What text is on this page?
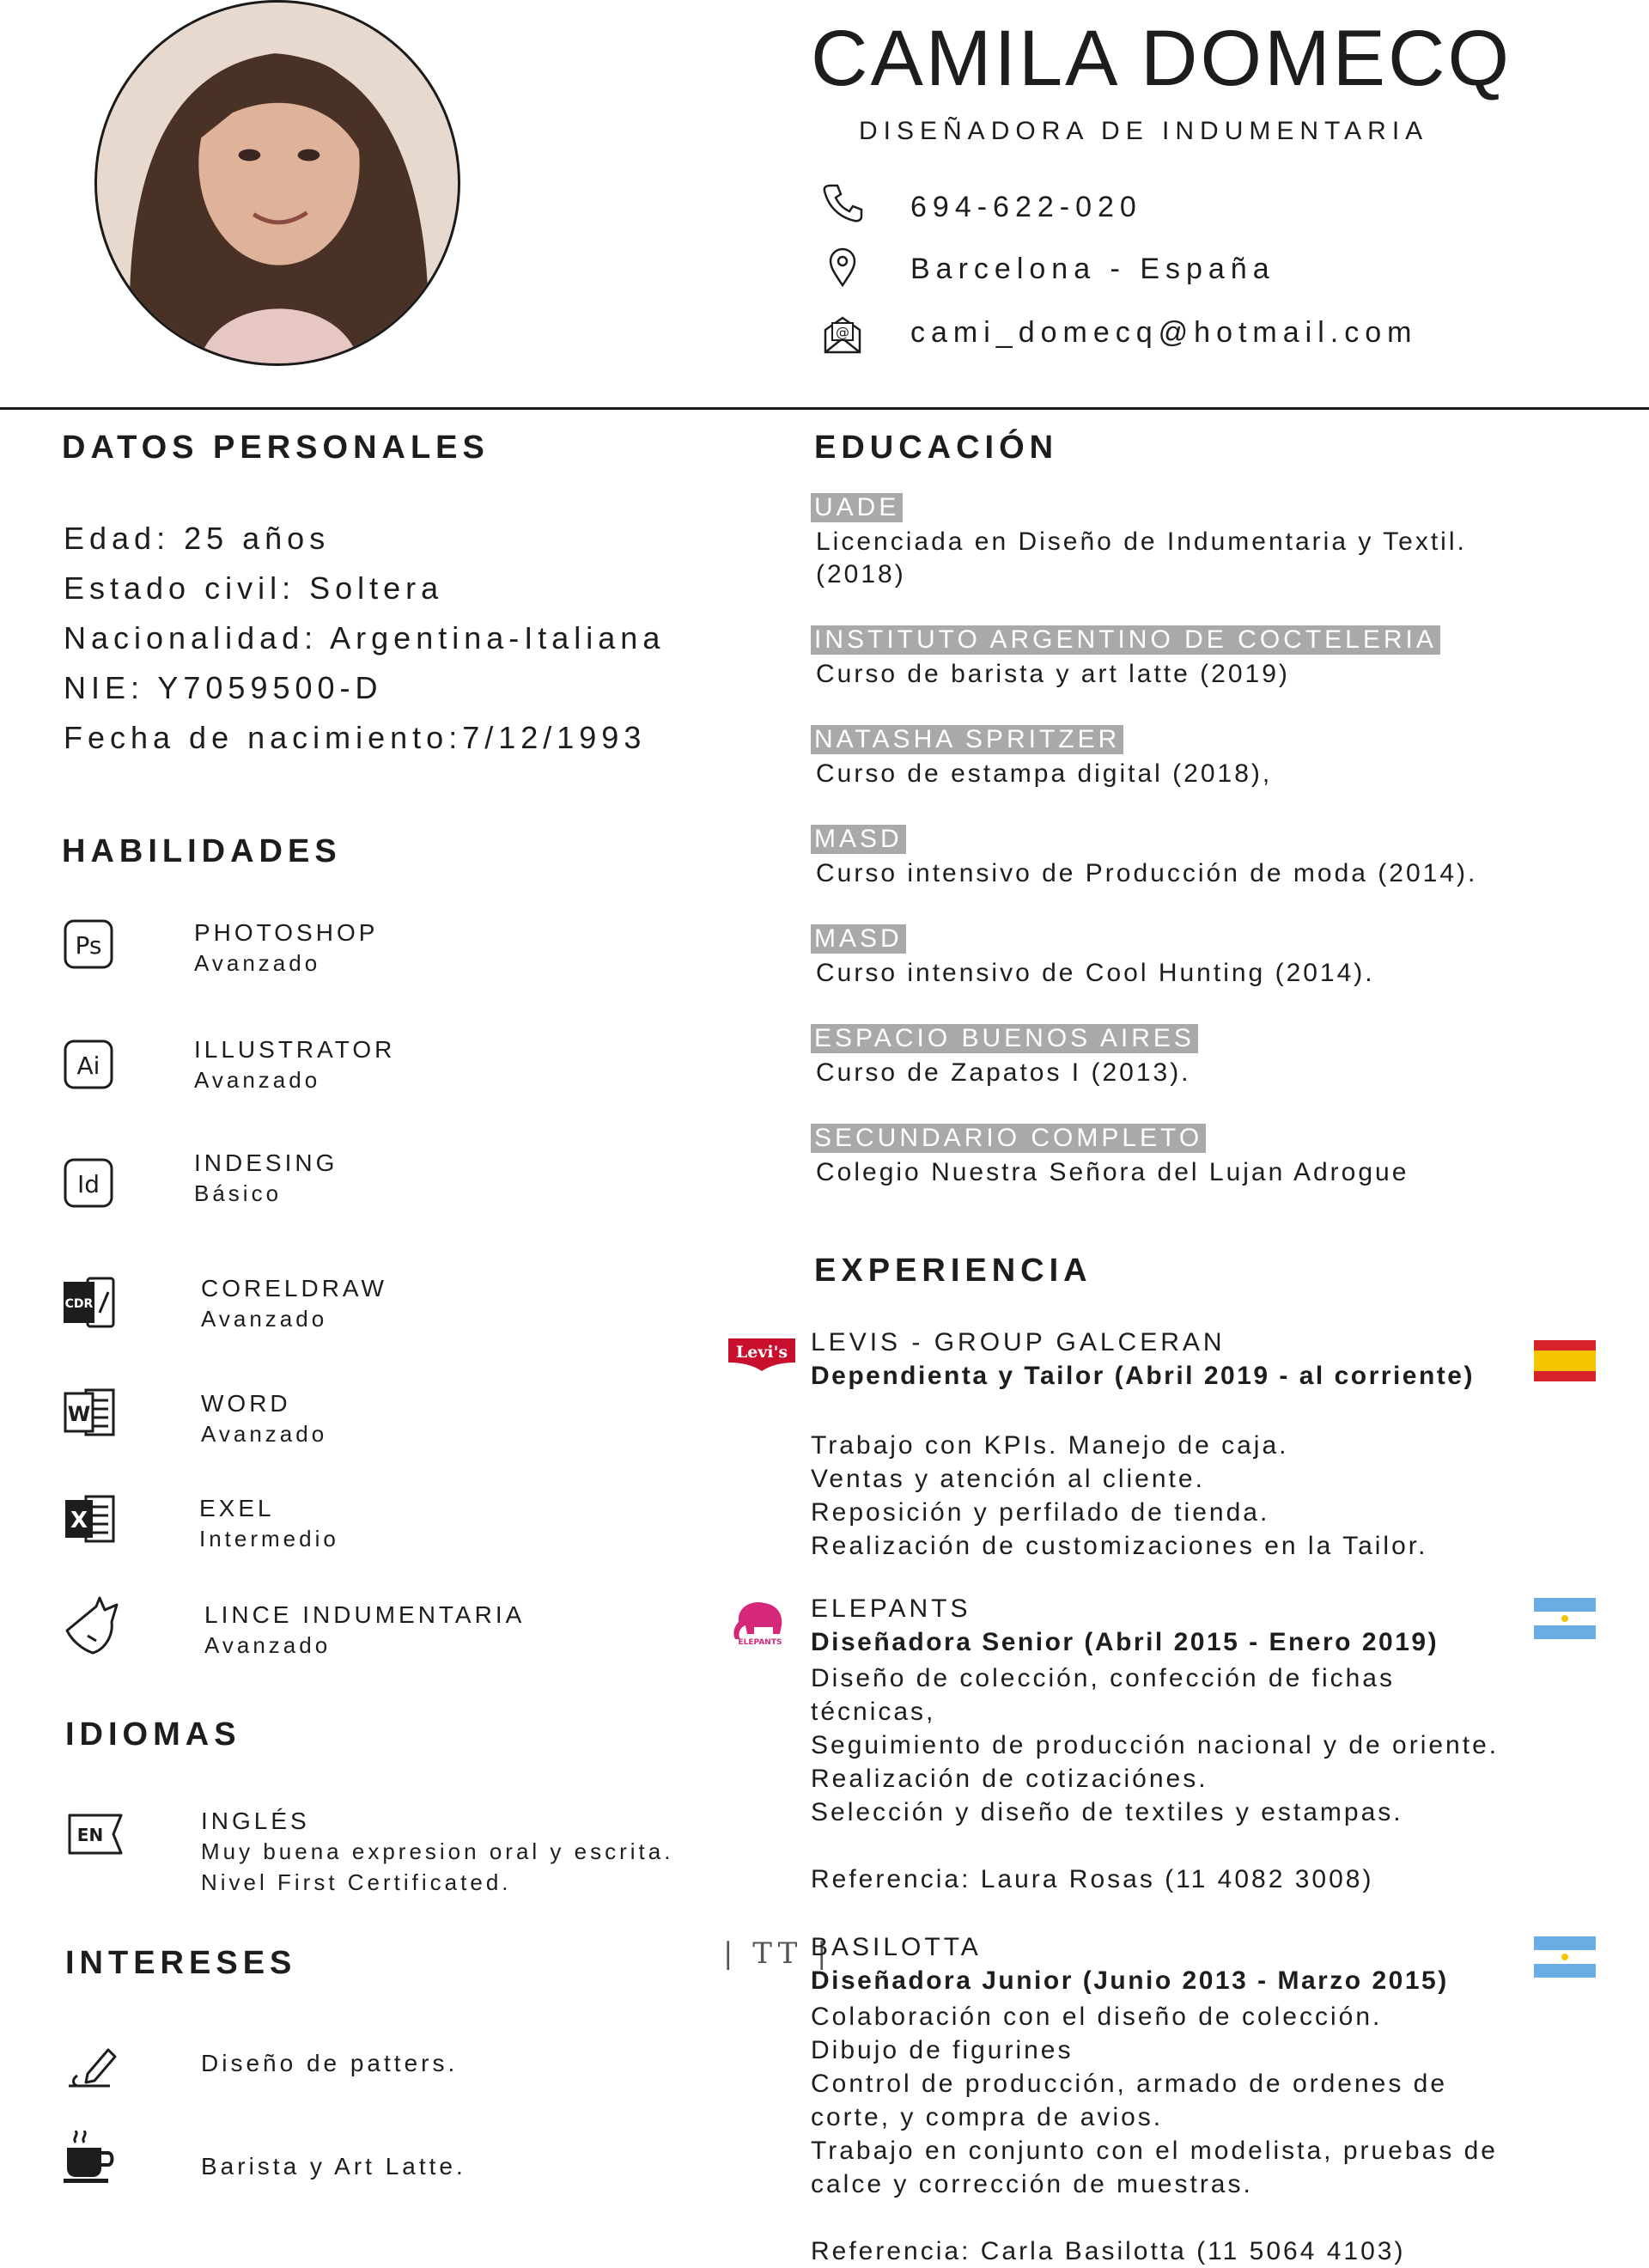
CAMILA DOMECQ
DISEÑADORA DE INDUMENTARIA
694-622-020
Barcelona - España
@ cami_domecq@hotmail.com
DATOS PERSONALES
Edad: 25 años
Estado civil: Soltera
Nacionalidad: Argentina-Italiana
NIE: Y7059500-D
Fecha de nacimiento:7/12/1993
HABILIDADES
Ps	PHOTOSHOP
Avanzado
Ai
ILLUSTRATOR
Avanzado
Id
INDESING
Básico
CDR
CORELDRAW
Avanzado
W	WORD
Avanzado
X	EXEL
Intermedio
LINCE INDUMENTARIA
Avanzado
IDIOMAS
EN
INGLÉS
Muy buena expresion oral y escrita.
Nivel First Certificated.
INTERESES
Diseño de patters.
Barista y Art Latte.
EDUCACIÓN
UADE
Licenciada en Diseño de Indumentaria y Textil.
(2018)
INSTITUTO ARGENTINO DE COCTELERIA
Curso de barista y art latte (2019)
NATASHA SPRITZER
Curso de estampa digital (2018),
MASD
Curso intensivo de Producción de moda (2014).
MASD
Curso intensivo de Cool Hunting (2014).
ESPACIO BUENOS AIRES
Curso de Zapatos I (2013).
SECUNDARIO COMPLETO
Colegio Nuestra Señora del Lujan Adrogue
EXPERIENCIA
Levi's LEVIS - GROUP GALCERAN
Dependienta y Tailor (Abril 2019 - al corriente)

Trabajo con KPIs. Manejo de caja.
Ventas y atención al cliente.
Reposición y perfilado de tienda.
Realización de customizaciones en la Tailor.
ELEPANTS
ELEPANTS
Diseñadora Senior (Abril 2015 - Enero 2019)
Diseño de colección, confección de fichas
técnicas,
Seguimiento de producción nacional y de oriente.
Realización de cotizaciónes.
Selección y diseño de textiles y estampas.

Referencia: Laura Rosas (11 4082 3008)
| TT |
BASILOTTA
Diseñadora Junior (Junio 2013 - Marzo 2015)
Colaboración con el diseño de colección.
Dibujo de figurines
Control de producción, armado de ordenes de
corte, y compra de avios.
Trabajo en conjunto con el modelista, pruebas de
calce y corrección de muestras.

Referencia: Carla Basilotta (11 5064 4103)
